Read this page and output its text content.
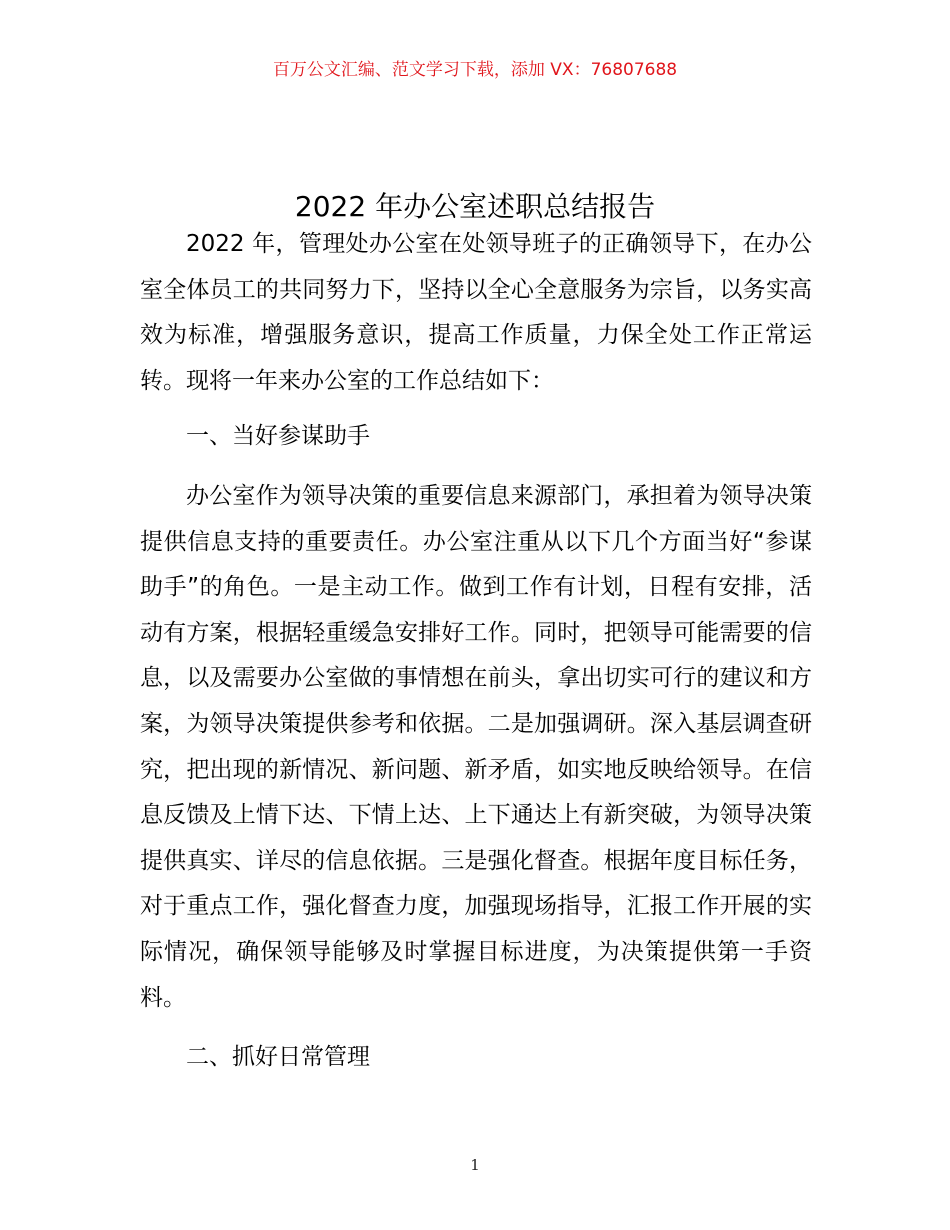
百万公文汇编、范文学习下载，添加 VX：76807688
2022 年办公室述职总结报告

2022 年，管理处办公室在处领导班子的正确领导下，在办公室全体员工的共同努力下，坚持以全心全意服务为宗旨，以务实高效为标准，增强服务意识，提高工作质量，力保全处工作正常运转。现将一年来办公室的工作总结如下：

一、当好参谋助手

办公室作为领导决策的重要信息来源部门，承担着为领导决策提供信息支持的重要责任。办公室注重从以下几个方面当好“参谋助手”的角色。一是主动工作。做到工作有计划，日程有安排，活动有方案，根据轻重缓急安排好工作。同时，把领导可能需要的信息，以及需要办公室做的事情想在前头，拿出切实可行的建议和方案，为领导决策提供参考和依据。二是加强调研。深入基层调查研究，把出现的新情况、新问题、新矛盾，如实地反映给领导。在信息反馈及上情下达、下情上达、上下通达上有新突破，为领导决策提供真实、详尽的信息依据。三是强化督查。根据年度目标任务，对于重点工作，强化督查力度，加强现场指导，汇报工作开展的实际情况，确保领导能够及时掌握目标进度，为决策提供第一手资料。

二、抓好日常管理

1
